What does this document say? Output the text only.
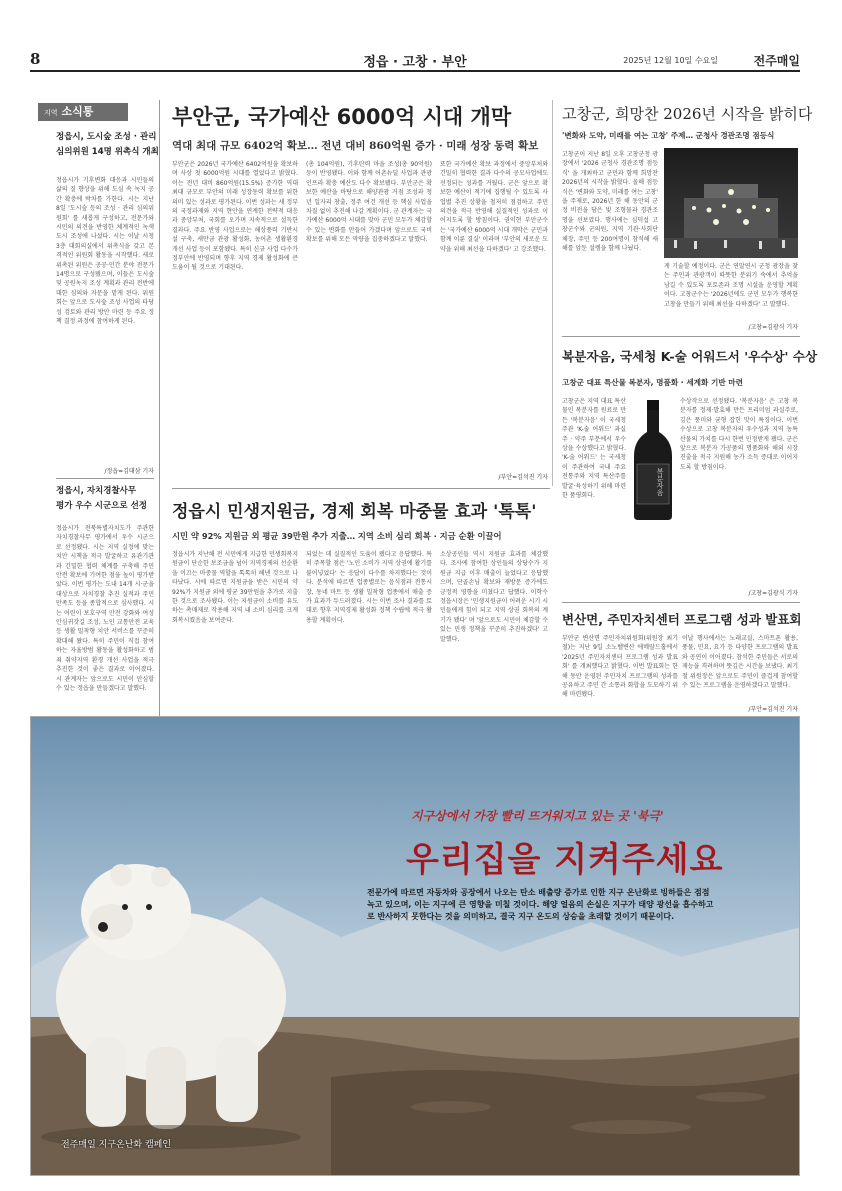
8	정읍 · 고창 · 부안	2025년 12월 10일 수요일	전주매일
지역 소식통
정읍시, 도시숲 조성 · 관리
심의위원 14명 위촉식 개최

정읍시가 기후변화 대응과 시민들의 삶의 질 향상을 위해 도심 속 녹지 공간 확충에 박차를 가한다. 시는 지난 8일 '도시숲 등의 조성 · 관리 심의위원회' 를 새롭게 구성하고, 전문가와 시민의 의견을 반영한 체계적인 녹색 도시 조성에 나섰다. 시는 이날 시청 3층 대회의실에서 위촉식을 갖고 본격적인 위원회 활동을 시작했다. 새로 위촉된 위원은 공공·민간 분야 전문가 14명으로 구성됐으며, 이들은 도시숲 및 공원녹지 조성 계획과 관리 전반에 대한 심의와 자문을 맡게 된다. 위원회는 앞으로 도시숲 조성 사업의 타당성 검토와 관리 방안 마련 등 주요 정책 결정 과정에 참여하게 된다.

/정읍=김대삼 기자
정읍시, 자치경찰사무
평가 우수 시군으로 선정

정읍시가 전북특별자치도가 주관한 자치경찰사무 평가에서 우수 시군으로 선정됐다. 시는 지역 실정에 맞는 치안 시책을 적극 발굴하고 유관기관과 긴밀한 협력 체계를 구축해 주민 안전 확보에 기여한 점을 높이 평가받았다. 이번 평가는 도내 14개 시·군을 대상으로 자치경찰 추진 실적과 주민 만족도 등을 종합적으로 심사했다. 시는 어린이 보호구역 안전 강화와 여성 안심귀갓길 조성, 노인 교통안전 교육 등 생활 밀착형 치안 서비스를 꾸준히 확대해 왔다. 특히 주민이 직접 참여하는 자율방범 활동을 활성화하고 범죄 취약지역 환경 개선 사업을 적극 추진한 것이 좋은 결과로 이어졌다. 시 관계자는 앞으로도 시민이 안심할 수 있는 정읍을 만들겠다고 말했다.

부안군, 국가예산 6000억 시대 개막
역대 최대 규모 6402억 확보… 전년 대비 860억원 증가 · 미래 성장 동력 확보

부안군은 2026년 국가예산 6402억원을 확보하며 사상 첫 6000억원 시대를 열었다고 밝혔다. 이는 전년 대비 860억원(15.5%) 증가한 역대 최대 규모로 부안의 미래 성장동력 확보를 위한 의미 있는 성과로 평가된다. 이번 성과는 새 정부의 국정과제와 지역 현안을 연계한 전략적 대응과 중앙부처, 국회를 오가며 지속적으로 설득한 결과다. 주요 반영 사업으로는 해상풍력 기반시설 구축, 새만금 관광 활성화, 농어촌 생활환경 개선 사업 등이 포함됐다. 특히 신규 사업 다수가 정부안에 반영되며 향후 지역 경제 활성화에 큰 도움이 될 것으로 기대된다.

(총 104억원), 기후탄력 마을 조성(총 90억원) 등이 반영됐다. 이와 함께 어촌뉴딜 사업과 관광 인프라 확충 예산도 다수 확보됐다. 부안군은 확보한 예산을 바탕으로 해양관광 거점 조성과 청년 일자리 창출, 정주 여건 개선 등 핵심 사업을 차질 없이 추진해 나갈 계획이다. 군 관계자는 국가예산 6000억 시대를 맞아 군민 모두가 체감할 수 있는 변화를 만들어 가겠다며 앞으로도 국비 확보를 위해 모든 역량을 집중하겠다고 말했다.

또한 국가예산 확보 과정에서 중앙부처와 긴밀히 협력한 결과 다수의 공모사업에도 선정되는 성과를 거뒀다. 군은 앞으로 확보한 예산이 적기에 집행될 수 있도록 사업별 추진 상황을 철저히 점검하고 주민 의견을 적극 반영해 실질적인 성과로 이어지도록 할 방침이다. 권익현 부안군수는 '국가예산 6000억 시대 개막은 군민과 함께 이룬 결실' 이라며 '부안의 새로운 도약을 위해 최선을 다하겠다' 고 강조했다.

/부안=김석진 기자
정읍시 민생지원금, 경제 회복 마중물 효과 '톡톡'
시민 약 92% 지원금 외 평균 39만원 추가 지출… 지역 소비 심리 회복 · 지금 순환 이끌어

정읍시가 지난해 전 시민에게 지급한 민생회복지원금이 단순한 보조금을 넘어 지역경제의 선순환을 이끄는 마중물 역할을 톡톡히 해낸 것으로 나타났다. 시에 따르면 지원금을 받은 시민의 약 92%가 지원금 외에 평균 39만원을 추가로 지출한 것으로 조사됐다. 이는 지원금이 소비를 유도하는 촉매제로 작용해 지역 내 소비 심리를 크게 회복시켰음을 보여준다.

되었는 데 실질적인 도움이 됐다고 응답했다. 특히 주목할 점은 '노인 소비가 지역 상권에 활기를 불어넣었다' 는 응답이 다수를 차지했다는 것이다. 분석에 따르면 업종별로는 음식점과 전통시장, 동네 마트 등 생활 밀착형 업종에서 매출 증가 효과가 두드러졌다. 시는 이번 조사 결과를 토대로 향후 지역경제 활성화 정책 수립에 적극 활용할 계획이다.

소상공인들 역시 지원금 효과를 체감했다. 조사에 참여한 상인들의 상당수가 지원금 지급 이후 매출이 늘었다고 응답했으며, 단골손님 확보와 재방문 증가에도 긍정적 영향을 미쳤다고 답했다. 이학수 정읍시장은 '민생지원금이 어려운 시기 시민들에게 힘이 되고 지역 상권 회복의 계기가 됐다' 며 '앞으로도 시민이 체감할 수 있는 민생 정책을 꾸준히 추진하겠다' 고 말했다.

고창군, 희망찬 2026년 시작을 밝히다
'변화와 도약, 미래를 여는 고창' 주제… 군청사 경관조명 점등식

고창군이 지난 8일 오후 고창군청 광장에서 '2026 군청사 경관조명 점등식' 을 개최하고 군민과 함께 희망찬 2026년의 시작을 밝혔다. 올해 점등식은 '변화와 도약, 미래를 여는 고창' 을 주제로, 2026년 한 해 동안의 군정 비전을 담은 빛 조형물과 경관조명을 선보였다. 행사에는 심덕섭 고창군수와 군의원, 지역 기관·사회단체장, 주민 등 200여명이 참석해 새해를 앞둔 설렘을 함께 나눴다.

게 기술할 예정이다. 군은 연말연시 군청 광장을 찾는 주민과 관광객이 따뜻한 분위기 속에서 추억을 남길 수 있도록 포토존과 조명 시설을 운영할 계획이다. 고창군수는 '2026년에도 군민 모두가 행복한 고창을 만들기 위해 최선을 다하겠다' 고 말했다.

/고창=김광식 기자
복분자음, 국세청 K-술 어워드서 '우수상' 수상
고창군 대표 특산물 복분자, 명품화 · 세계화 기반 마련

고창군은 지역 대표 특산물인 복분자를 원료로 만든 '복분자음' 이 국세청 주관 'K-술 어워드' 과실주 · 약주 부문에서 우수상을 수상했다고 밝혔다. 'K-술 어워드' 는 국세청이 주관하여 국내 주요 전통주와 지역 특산주를 발굴·육성하기 위해 마련한 품평회다.	복분자음

수상작으로 선정됐다. '복분자음' 은 고창 복분자를 정제·발효해 만든 프리미엄 과실주로, 깊은 풍미와 균형 잡힌 맛이 특징이다. 이번 수상으로 고창 복분자의 우수성과 지역 농특산물의 가치를 다시 한번 인정받게 됐다. 군은 앞으로 복분자 가공품의 명품화와 해외 시장 진출을 적극 지원해 농가 소득 증대로 이어지도록 할 방침이다.

/고창=김광식 기자
변산면, 주민자치센터 프로그램 성과 발표회

부안군 변산면 주민자치위원회(위원장 최기철)는 지난 9일 소노벨변산 에메랄드홀에서 '2025년 주민자치센터 프로그램 성과 발표회' 를 개최했다고 밝혔다. 이번 발표회는 한 해 동안 운영된 주민자치 프로그램의 성과를 공유하고 주민 간 소통과 화합을 도모하기 위해 마련됐다.

이날 행사에서는 노래교실, 스마트폰 활용, 풍물, 민요, 요가 등 다양한 프로그램의 발표와 공연이 이어졌다. 참석한 주민들은 서로의 재능을 격려하며 뜻깊은 시간을 보냈다. 최기철 위원장은 앞으로도 주민이 즐겁게 참여할 수 있는 프로그램을 운영하겠다고 말했다.

/부안=김석진 기자
지구상에서 가장 빨리 뜨거워지고 있는 곳 '북극'
우리집을 지켜주세요
전문가에 따르면 자동차와 공장에서 나오는 탄소 배출량 증가로 인한 지구 온난화로 빙하들은 점점
녹고 있으며, 이는 지구에 큰 영향을 미칠 것이다. 해양 얼음의 손실은 지구가 태양 광선을 흡수하고
로 반사하지 못한다는 것을 의미하고, 결국 지구 온도의 상승을 초래할 것이기 때문이다.
전주매일 지구온난화 캠페인
